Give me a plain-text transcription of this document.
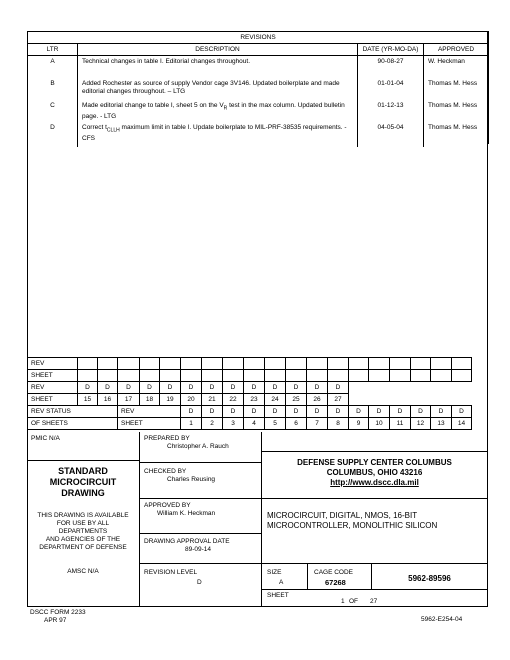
REVISIONS			
LTR	DESCRIPTION	DATE (YR-MO-DA)	APPROVED
A	Technical changes in table I. Editorial changes throughout.	90-08-27	W. Heckman
B	Added Rochester as source of supply Vendor cage 3V146. Updated boilerplate and made editorial changes throughout. – LTG	01-01-04	Thomas M. Hess
C	Made editorial change to table I, sheet 5 on the $V_R$ test in the max column. Updated bulletin page. - LTG	01-12-13	Thomas M. Hess
D	Correct $t_{CLLH}$ maximum limit in table I. Update boilerplate to MIL-PRF-38535 requirements. - CFS	04-05-04	Thomas M. Hess
REV																			
SHEET																			
REV	D	D	D	D	D	D	D	D	D	D	D	D	D						
SHEET	15	16	17	18	19	20	21	22	23	24	25	26	27						
REV STATUS			REV			D	D	D	D	D	D	D	D	D	D	D	D	D	D
OF SHEETS			SHEET			1	2	3	4	5	6	7	8	9	10	11	12	13	14
PMIC N/A
STANDARD
MICROCIRCUIT
DRAWING
THIS DRAWING IS AVAILABLE
FOR USE BY ALL
DEPARTMENTS
AND AGENCIES OF THE
DEPARTMENT OF DEFENSE
AMSC N/A
PREPARED BY
Christopher A. Rauch
CHECKED BY
Charles Reusing
APPROVED BY
William K. Heckman
DRAWING APPROVAL DATE
89-09-14
REVISION LEVEL
D
DEFENSE SUPPLY CENTER COLUMBUS
COLUMBUS, OHIO 43216
http://www.dscc.dla.mil
MICROCIRCUIT, DIGITAL, NMOS, 16-BIT
MICROCONTROLLER, MONOLITHIC SILICON
SIZE
A
CAGE CODE
67268	5962-89596
SHEET
1 OF 27
DSCC FORM 2233
APR 97	5962-E254-04
